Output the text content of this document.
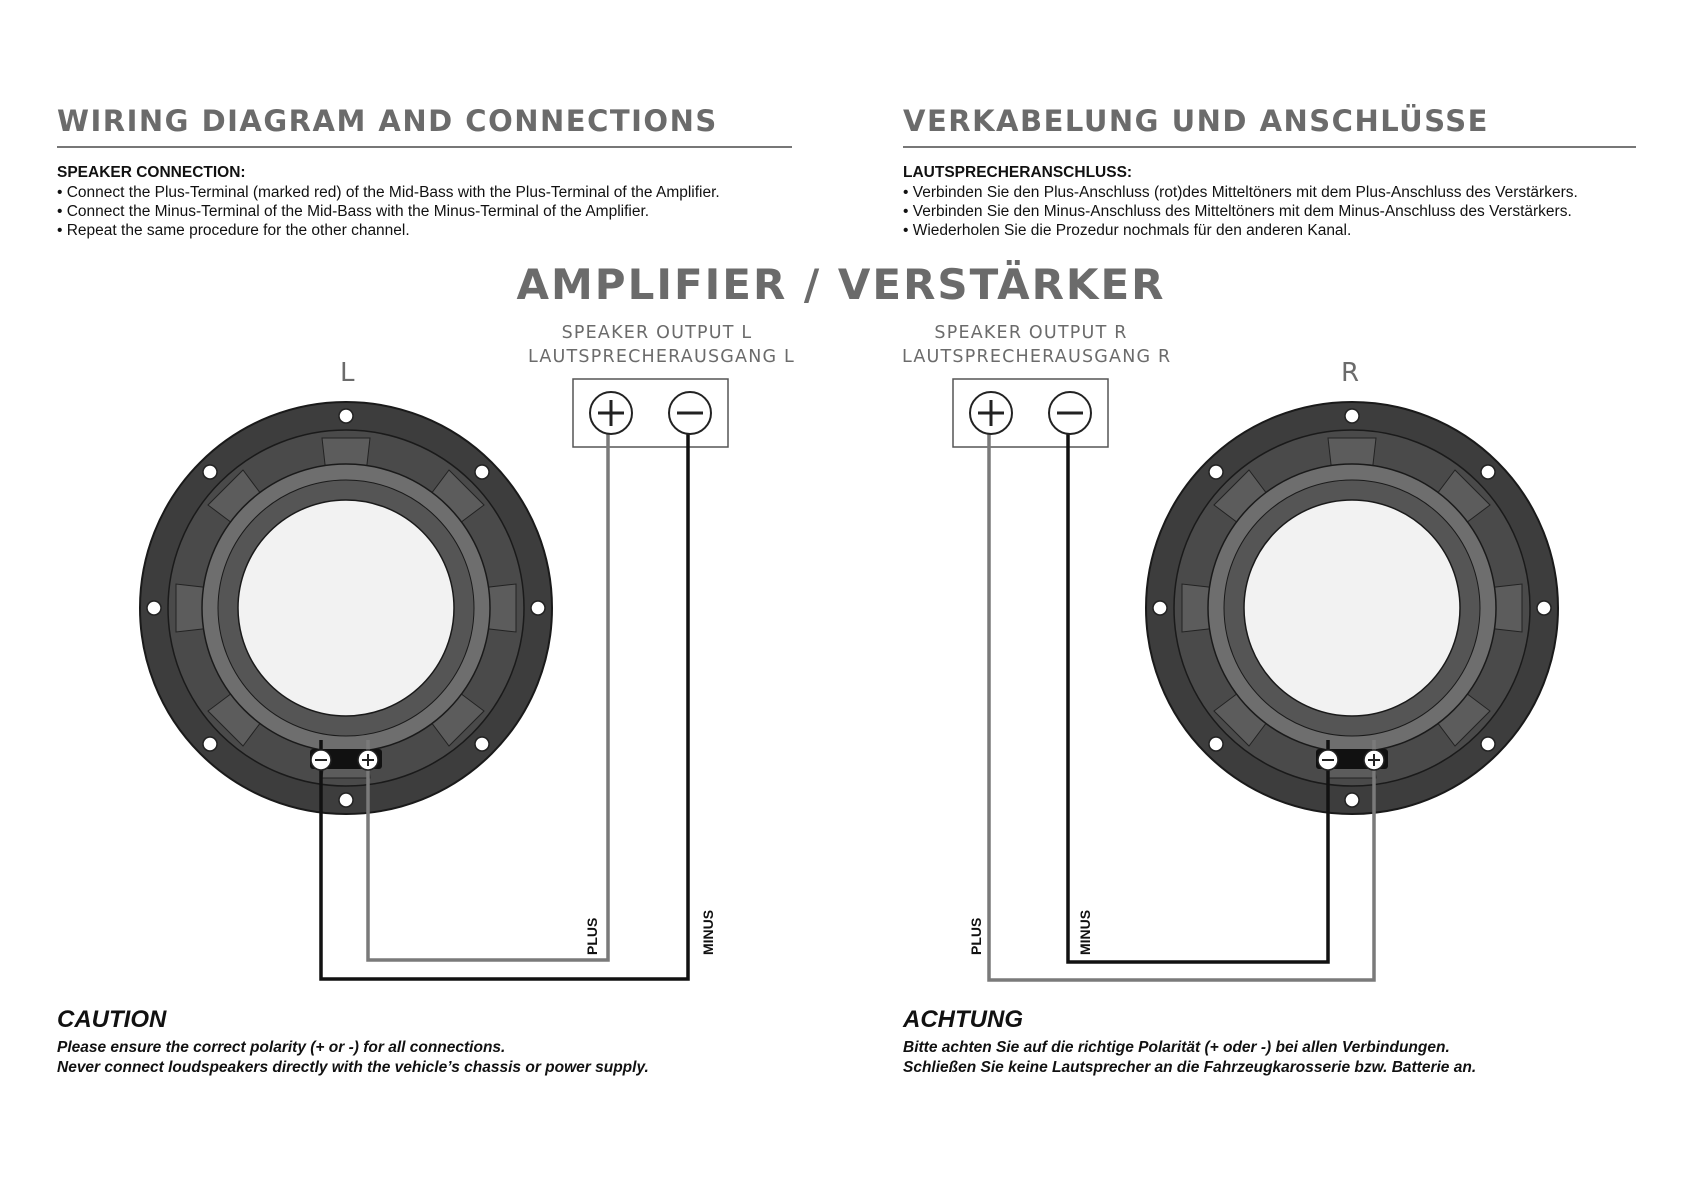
WIRING DIAGRAM AND CONNECTIONS

SPEAKER CONNECTION:

• Connect the Plus-Terminal (marked red) of the Mid-Bass with the Plus-Terminal of the Amplifier.

• Connect the Minus-Terminal of the Mid-Bass with the Minus-Terminal of the Amplifier.

• Repeat the same procedure for the other channel.

VERKABELUNG UND ANSCHLÜSSE

LAUTSPRECHERANSCHLUSS:

• Verbinden Sie den Plus-Anschluss (rot)des Mitteltöners mit dem Plus-Anschluss des Verstärkers.

• Verbinden Sie den Minus-Anschluss des Mitteltöners mit dem Minus-Anschluss des Verstärkers.

• Wiederholen Sie die Prozedur nochmals für den anderen Kanal.

AMPLIFIER / VERSTÄRKER
SPEAKER OUTPUT L
LAUTSPRECHERAUSGANG L
SPEAKER OUTPUT R
LAUTSPRECHERAUSGANG R
L	R
PLUS	MINUS	PLUS	MINUS

CAUTION

Please ensure the correct polarity (+ or -) for all connections.

Never connect loudspeakers directly with the vehicle’s chassis or power supply.

ACHTUNG

Bitte achten Sie auf die richtige Polarität (+ oder -) bei allen Verbindungen.

Schließen Sie keine Lautsprecher an die Fahrzeugkarosserie bzw. Batterie an.
